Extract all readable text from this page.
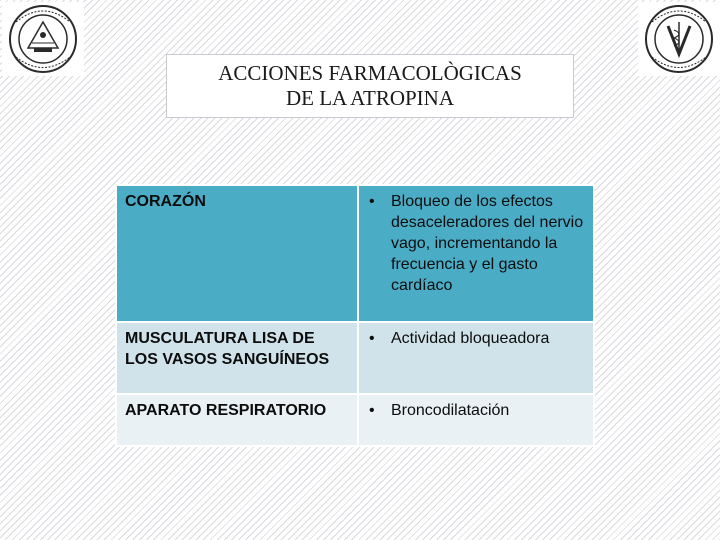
ACCIONES FARMACOLÒGICAS
DE LA ATROPINA
CORAZÓN	• Bloqueo de los efectos desaceleradores del nervio vago, incrementando la frecuencia y el gasto cardíaco

MUSCULATURA LISA DE LOS VASOS SANGUÍNEOS	• Actividad bloqueadora

APARATO RESPIRATORIO	• Broncodilatación
